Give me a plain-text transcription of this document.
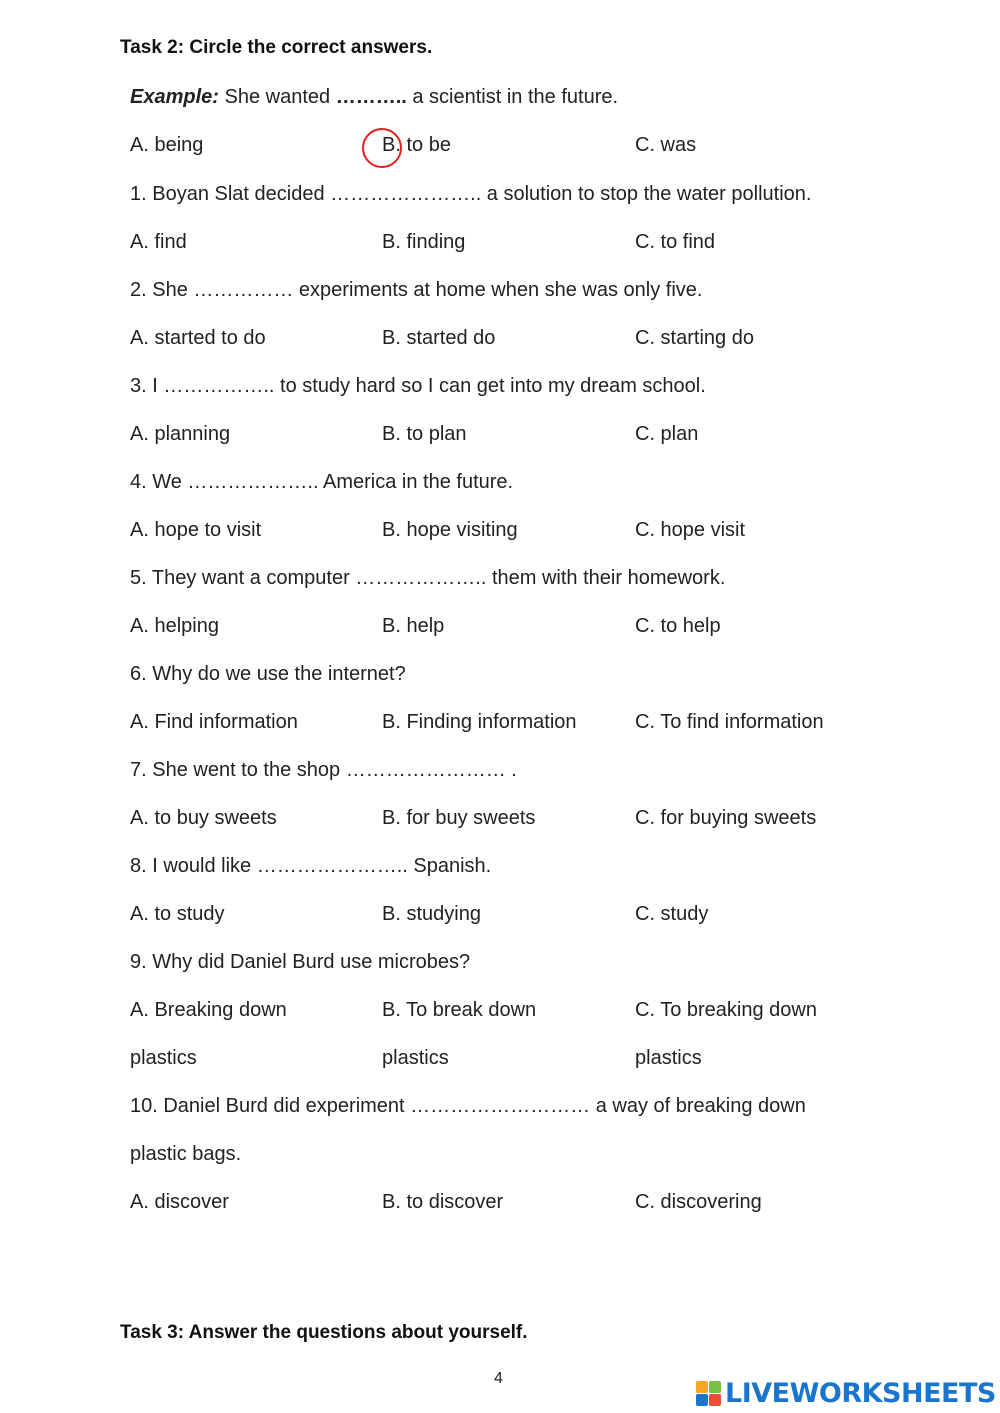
Task 2: Circle the correct answers.
Example: She wanted ……….. a scientist in the future.
A. being	B. to be	C. was
1. Boyan Slat decided ………………….. a solution to stop the water pollution.
A. find	B. finding	C. to find
2. She …………… experiments at home when she was only five.
A. started to do	B. started do	C. starting do
3. I …………….. to study hard so I can get into my dream school.
A. planning	B. to plan	C. plan
4. We ……………….. America in the future.
A. hope to visit	B. hope visiting	C. hope visit
5. They want a computer ……………….. them with their homework.
A. helping	B. help	C. to help
6. Why do we use the internet?
A. Find information	B. Finding information	C. To find information
7. She went to the shop …………………… .
A. to buy sweets	B. for buy sweets	C. for buying sweets
8. I would like ………………….. Spanish.
A. to study	B. studying	C. study
9. Why did Daniel Burd use microbes?
A. Breaking down	B. To break down	C. To breaking down
plastics	plastics	plastics
10. Daniel Burd did experiment ……………………… a way of breaking down
plastic bags.
A. discover	B. to discover	C. discovering
Task 3: Answer the questions about yourself.
4	LIVEWORKSHEETS
